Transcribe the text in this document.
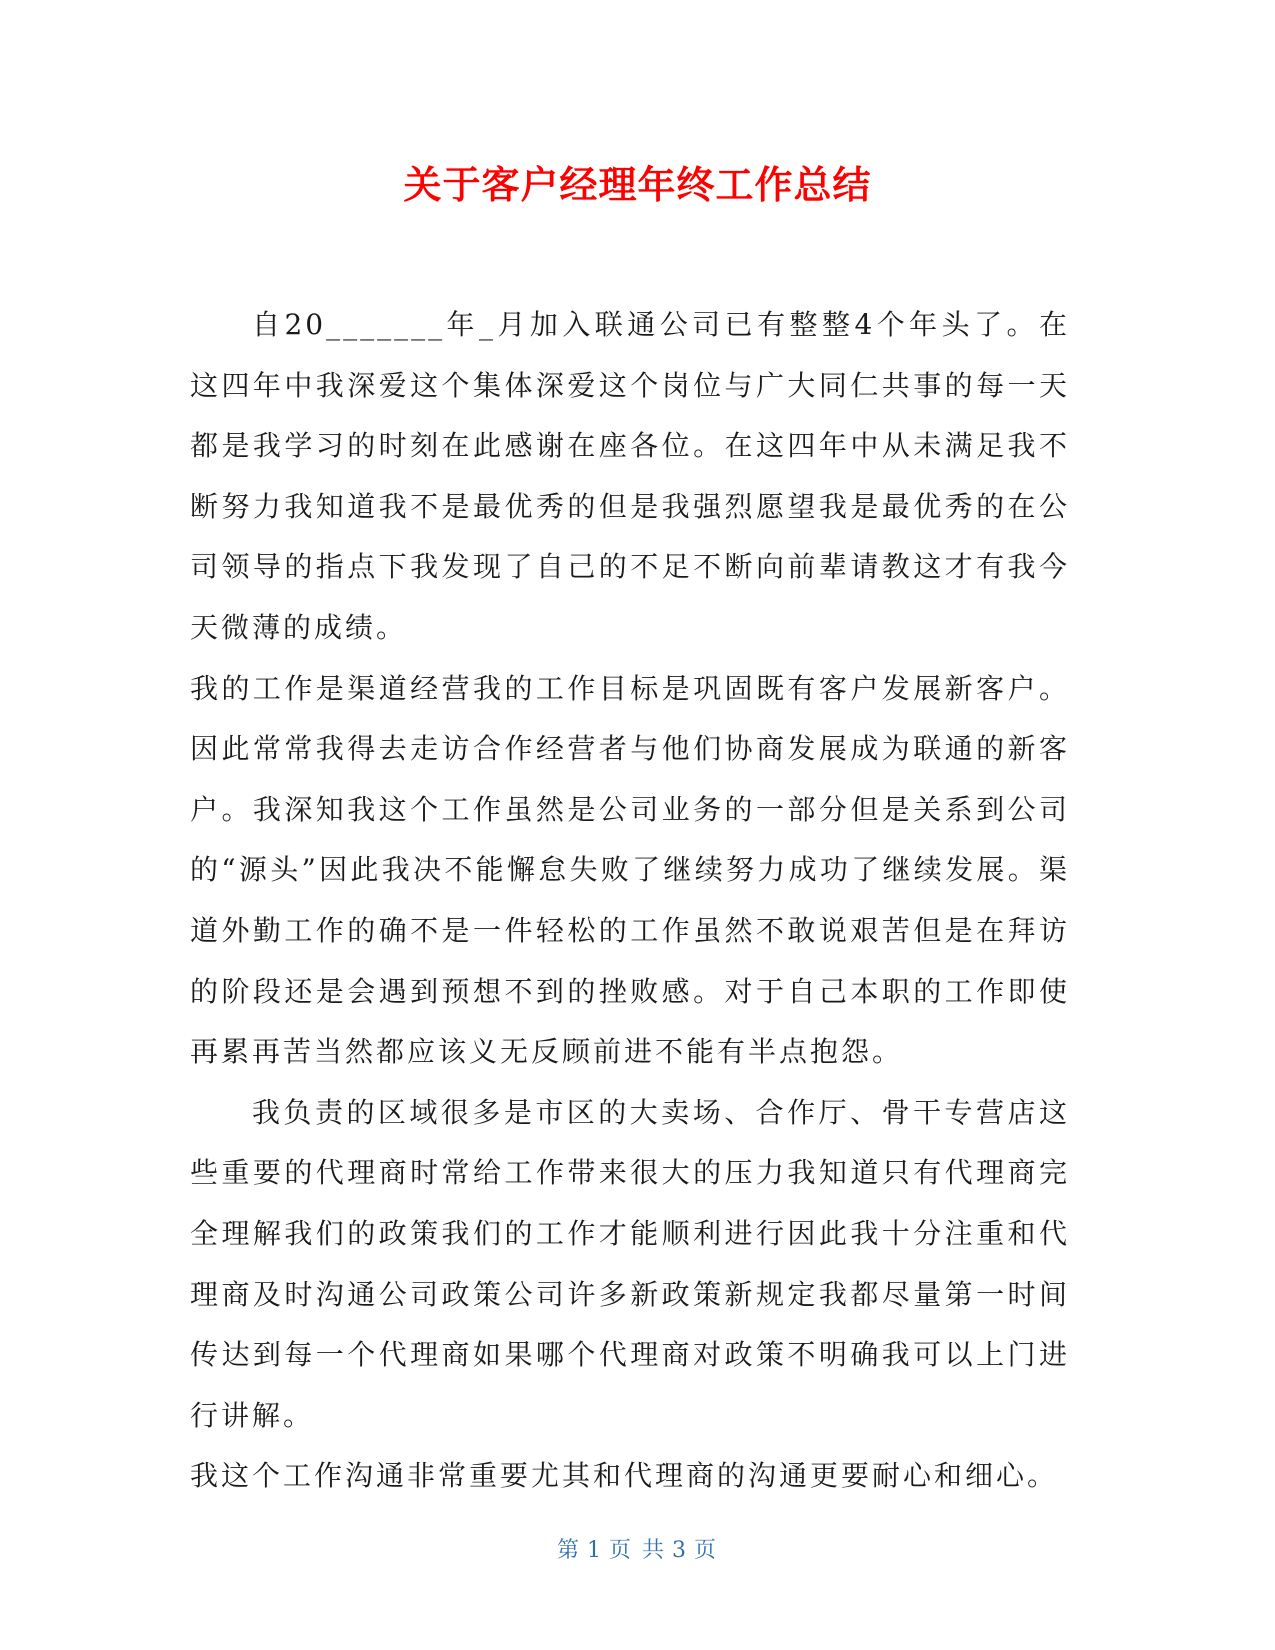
关于客户经理年终工作总结

自20_______年_月加入联通公司已有整整4个年头了。在这四年中我深爱这个集体深爱这个岗位与广大同仁共事的每一天都是我学习的时刻在此感谢在座各位。在这四年中从未满足我不断努力我知道我不是最优秀的但是我强烈愿望我是最优秀的在公司领导的指点下我发现了自己的不足不断向前辈请教这才有我今天微薄的成绩。

我的工作是渠道经营我的工作目标是巩固既有客户发展新客户。因此常常我得去走访合作经营者与他们协商发展成为联通的新客户。我深知我这个工作虽然是公司业务的一部分但是关系到公司的“源头”因此我决不能懈怠失败了继续努力成功了继续发展。渠道外勤工作的确不是一件轻松的工作虽然不敢说艰苦但是在拜访的阶段还是会遇到预想不到的挫败感。对于自己本职的工作即使再累再苦当然都应该义无反顾前进不能有半点抱怨。

我负责的区域很多是市区的大卖场、合作厅、骨干专营店这些重要的代理商时常给工作带来很大的压力我知道只有代理商完全理解我们的政策我们的工作才能顺利进行因此我十分注重和代理商及时沟通公司政策公司许多新政策新规定我都尽量第一时间传达到每一个代理商如果哪个代理商对政策不明确我可以上门进行讲解。

我这个工作沟通非常重要尤其和代理商的沟通更要耐心和细心。

第 1 页 共 3 页
